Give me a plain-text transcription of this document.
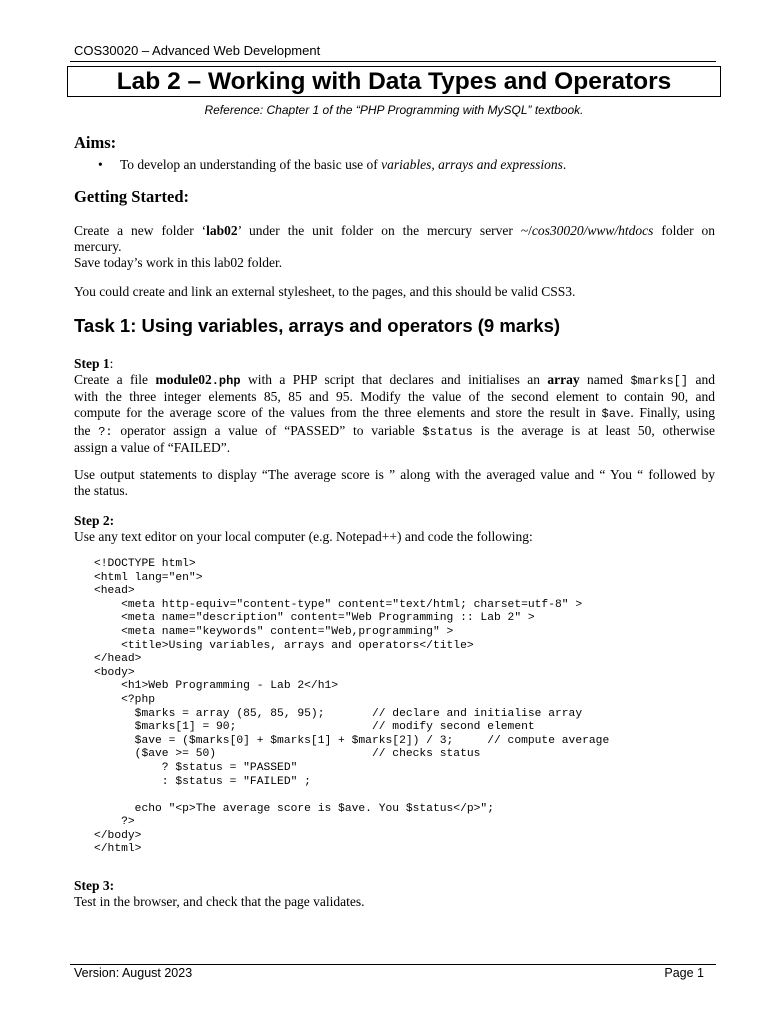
COS30020 – Advanced Web Development
Lab 2 – Working with Data Types and Operators
Reference: Chapter 1 of the “PHP Programming with MySQL” textbook.
Aims:
• To develop an understanding of the basic use of variables, arrays and expressions.
Getting Started:
Create a new folder ‘lab02’ under the unit folder on the mercury server ~/cos30020/www/htdocs folder on
mercury.
Save today’s work in this lab02 folder.
You could create and link an external stylesheet, to the pages, and this should be valid CSS3.
Task 1: Using variables, arrays and operators (9 marks)
Step 1:
Create a file module02.php with a PHP script that declares and initialises an array named $marks[] and
with the three integer elements 85, 85 and 95. Modify the value of the second element to contain 90, and
compute for the average score of the values from the three elements and store the result in $ave. Finally, using
the ?: operator assign a value of “PASSED” to variable $status is the average is at least 50, otherwise
assign a value of “FAILED”.
Use output statements to display “The average score is ” along with the averaged value and “ You “ followed by
the status.
Step 2:
Use any text editor on your local computer (e.g. Notepad++) and code the following:
<!DOCTYPE html>
<html lang="en">
<head>
<meta http-equiv="content-type" content="text/html; charset=utf-8" >
<meta name="description" content="Web Programming :: Lab 2" >
<meta name="keywords" content="Web,programming" >
<title>Using variables, arrays and operators</title>
</head>
<body>
<h1>Web Programming - Lab 2</h1>
<?php
$marks = array (85, 85, 95);       // declare and initialise array
$marks[1] = 90;                    // modify second element
$ave = ($marks[0] + $marks[1] + $marks[2]) / 3;     // compute average
($ave >= 50)                       // checks status
? $status = "PASSED"
: $status = "FAILED" ;

echo "<p>The average score is $ave. You $status</p>";
?>
</body>
</html>
Step 3:
Test in the browser, and check that the page validates.
Version: August 2023	Page 1
